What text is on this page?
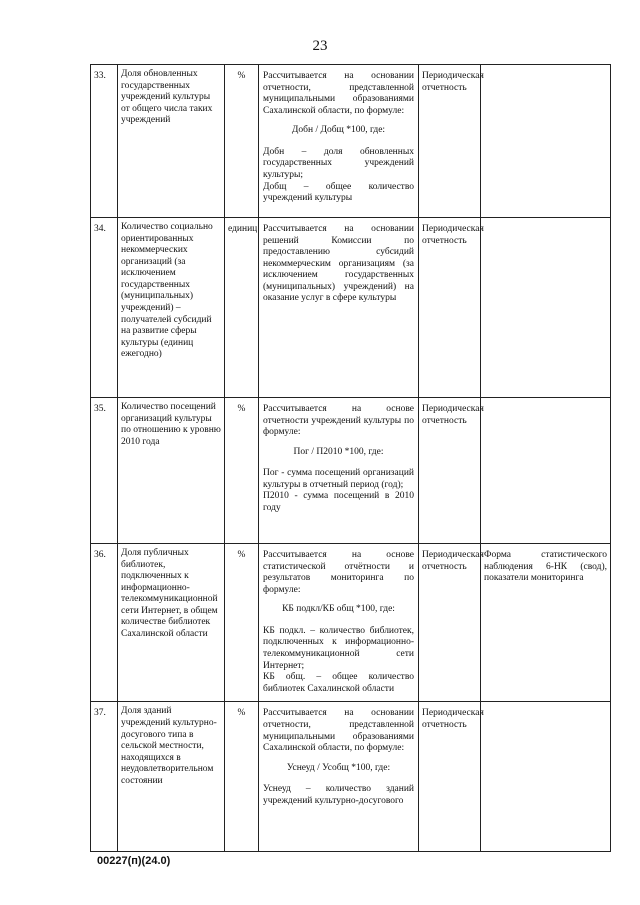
23
33.	Доля обновленных государственных учреждений культуры от общего числа таких учреждений	%	Рассчитывается на основании отчетности, представленной муниципальными образованиями Сахалинской области, по формуле:
Добн / Добщ *100, где:
Добн – доля обновленных государственных учреждений культуры;
Добщ – общее количество учреждений культуры	Периодическая отчетность	
34.	Количество социально ориентированных некоммерческих организаций (за исключением государственных (муниципальных) учреждений) – получателей субсидий на развитие сферы культуры (единиц ежегодно)	единиц	Рассчитывается на основании решений Комиссии по предоставлению субсидий некоммерческим организациям (за исключением государственных (муниципальных) учреждений) на оказание услуг в сфере культуры	Периодическая отчетность	
35.	Количество посещений организаций культуры по отношению к уровню 2010 года	%	Рассчитывается на основе отчетности учреждений культуры по формуле:
Пог / П2010 *100, где:
Пог - сумма посещений организаций культуры в отчетный период (год);
П2010 - сумма посещений в 2010 году	Периодическая отчетность	
36.	Доля публичных библиотек, подключенных к информационно-телекоммуникационной сети Интернет, в общем количестве библиотек Сахалинской области	%	Рассчитывается на основе статистической отчётности и результатов мониторинга по формуле:
КБ подкл/КБ общ *100, где:
КБ подкл. – количество библиотек, подключенных к информационно-телекоммуникационной сети Интернет;
КБ общ. – общее количество библиотек Сахалинской области	Периодическая отчетность	Форма статистического наблюдения 6-НК (свод), показатели мониторинга
37.	Доля зданий учреждений культурно-досугового типа в сельской местности, находящихся в неудовлетворительном состоянии	%	Рассчитывается на основании отчетности, представленной муниципальными образованиями Сахалинской области, по формуле:
Уснеуд / Усобщ *100, где:
Уснеуд – количество зданий учреждений культурно-досугового	Периодическая отчетность	
00227(п)(24.0)
